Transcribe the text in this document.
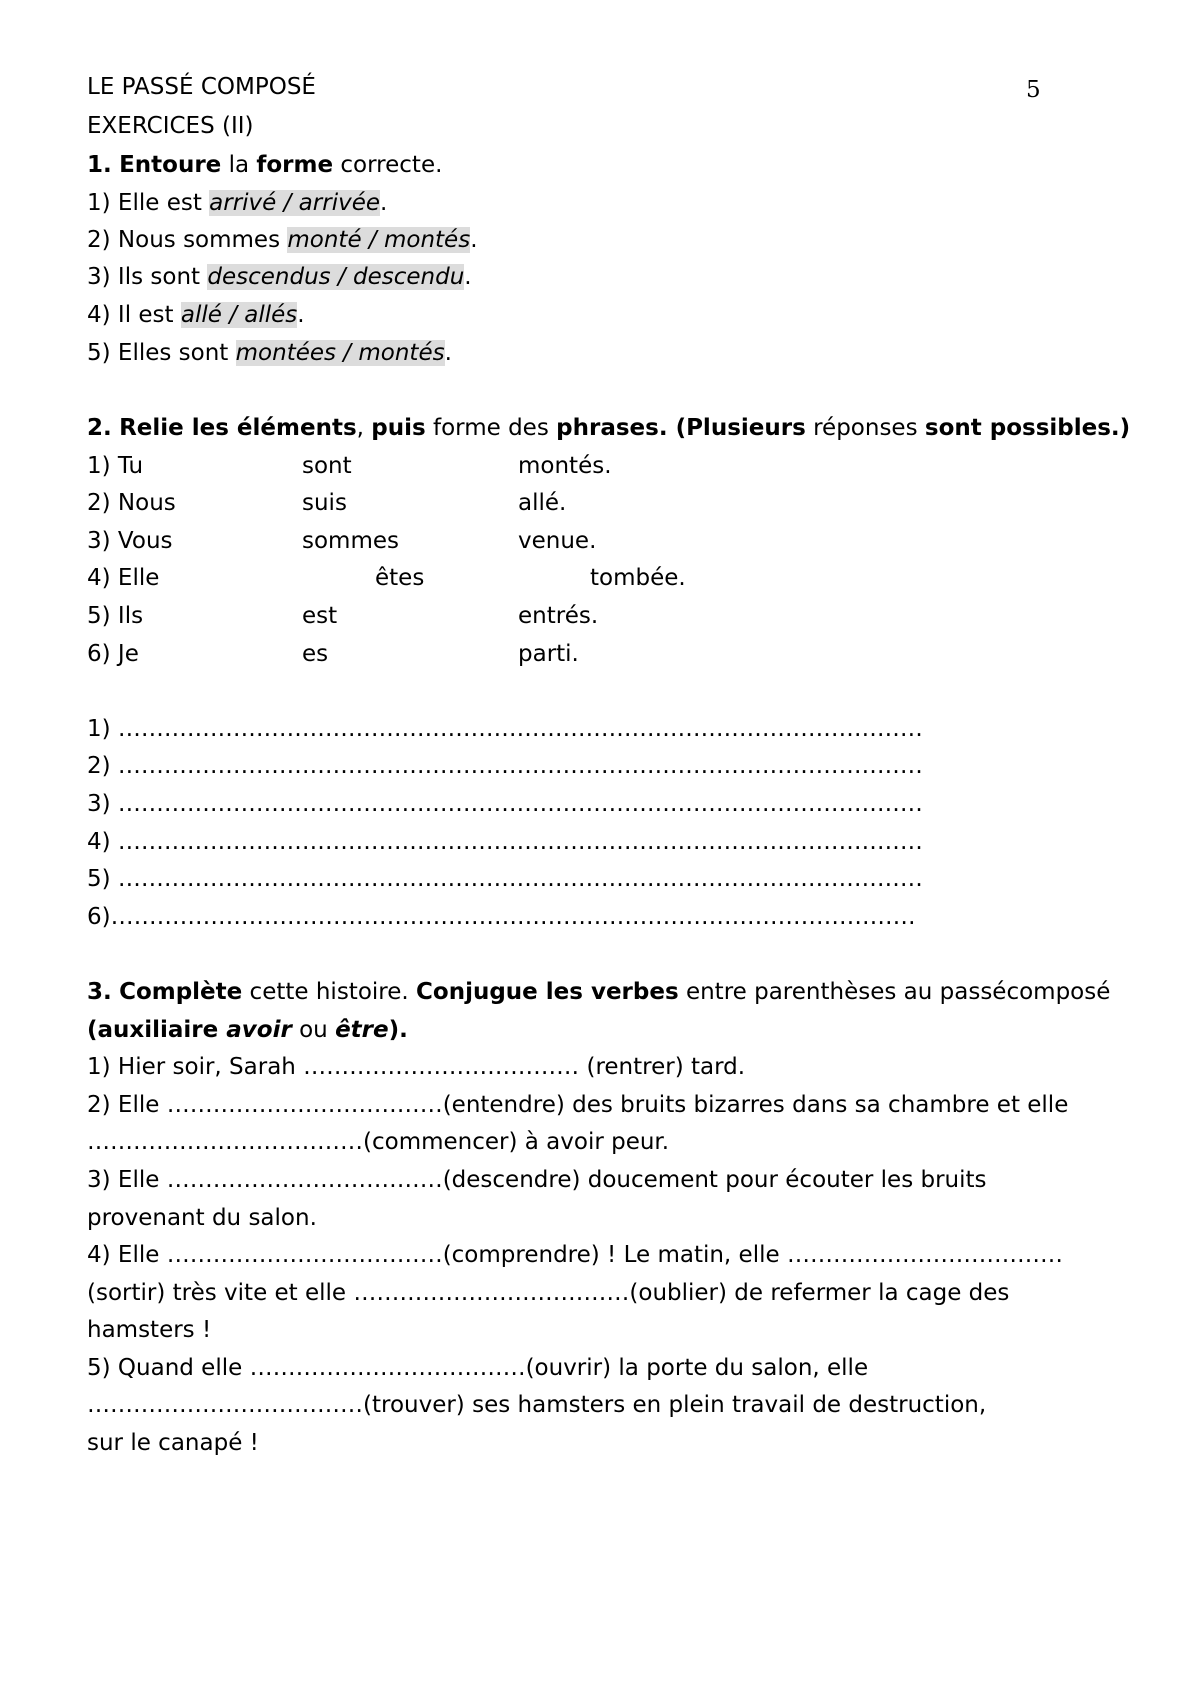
LE PASSÉ COMPOSÉ	5
EXERCICES (II)
1. Entoure la forme correcte.
1) Elle est arrivé / arrivée.
2) Nous sommes monté / montés.
3) Ils sont descendus / descendu.
4) Il est allé / allés.
5) Elles sont montées / montés.
2. Relie les éléments, puis forme des phrases. (Plusieurs réponses sont possibles.)
1) Tu	sont	montés.
2) Nous	suis	allé.
3) Vous	sommes	venue.
4) Elle	êtes	tombée.
5) Ils	est	entrés.
6) Je	es	parti.
1) ……………………………………………………………………………………………
2) ……………………………………………………………………………………………
3) ……………………………………………………………………………………………
4) ……………………………………………………………………………………………
5) ……………………………………………………………………………………………
6)……………………………………………………………………………………………
3. Complète cette histoire. Conjugue les verbes entre parenthèses au passécomposé
(auxiliaire avoir ou être).
1) Hier soir, Sarah ……………………………… (rentrer) tard.
2) Elle ………………………………(entendre) des bruits bizarres dans sa chambre et elle
………………………………(commencer) à avoir peur.
3) Elle ………………………………(descendre) doucement pour écouter les bruits
provenant du salon.
4) Elle ………………………………(comprendre) ! Le matin, elle ………………………………
(sortir) très vite et elle ………………………………(oublier) de refermer la cage des
hamsters !
5) Quand elle ………………………………(ouvrir) la porte du salon, elle
………………………………(trouver) ses hamsters en plein travail de destruction,
sur le canapé !
